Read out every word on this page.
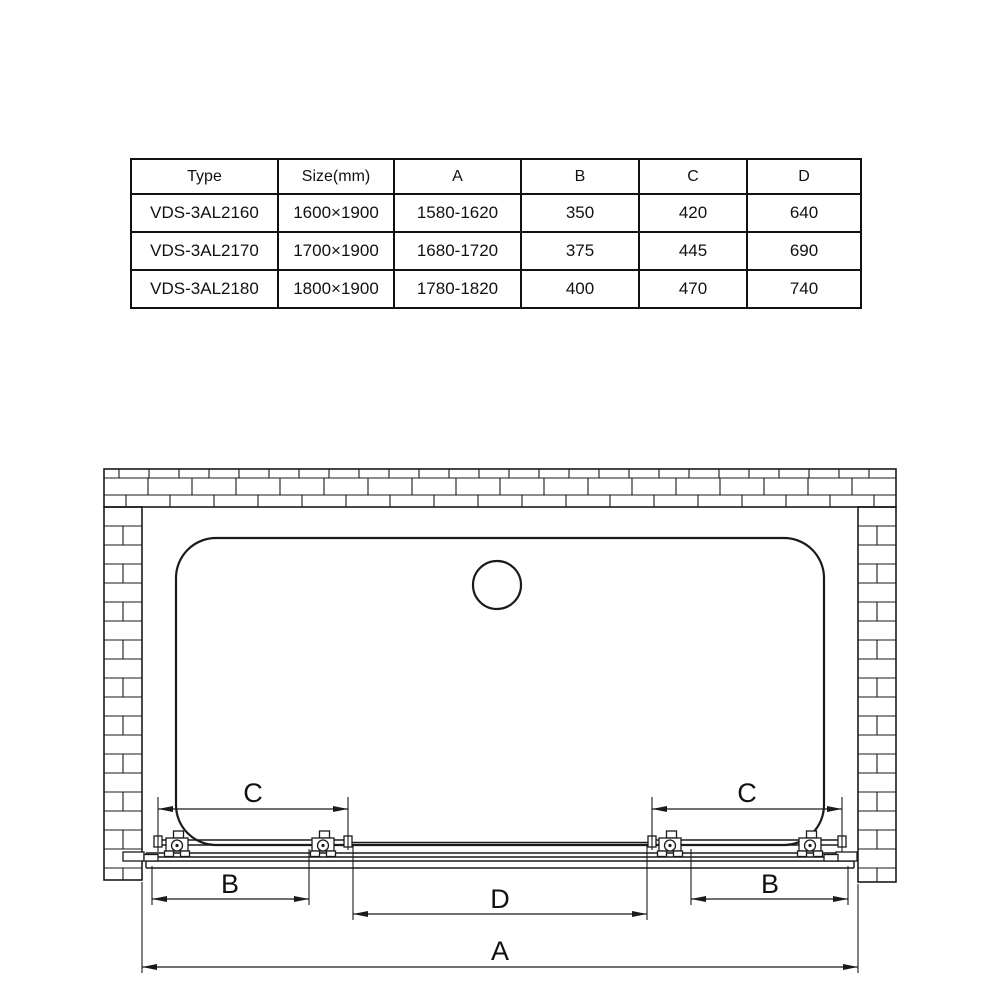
Type	Size(mm)	A	B	C	D
VDS-3AL2160	1600×1900	1580-1620	350	420	640
VDS-3AL2170	1700×1900	1680-1720	375	445	690
VDS-3AL2180	1800×1900	1780-1820	400	470	740
C	C
B	B
D
A
